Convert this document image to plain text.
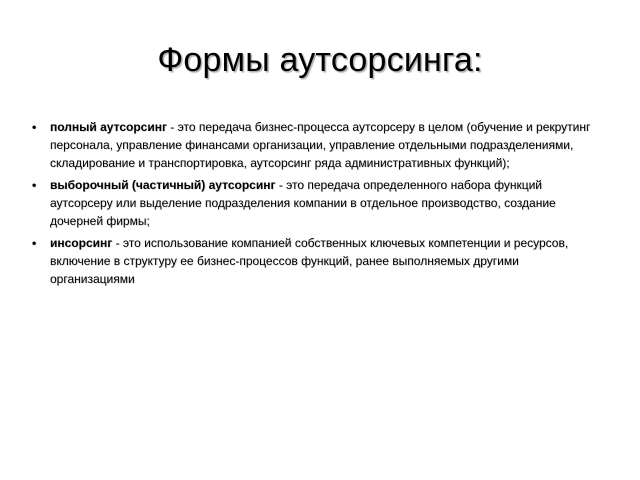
Формы аутсорсинга:
• полный аутсорсинг - это передача бизнес-процесса аутсорсеру в целом (обучение и рекрутинг персонала, управление финансами организации, управление отдельными подразделениями, складирование и транспортировка, аутсорсинг ряда административных функций);
• выборочный (частичный) аутсорсинг - это передача определенного набора функций аутсорсеру или выделение подразделения компании в отдельное производство, создание дочерней фирмы;
• инсорсинг - это использование компанией собственных ключевых компетенции и ресурсов, включение в структуру ее бизнес-процессов функций, ранее выполняемых другими организациями
